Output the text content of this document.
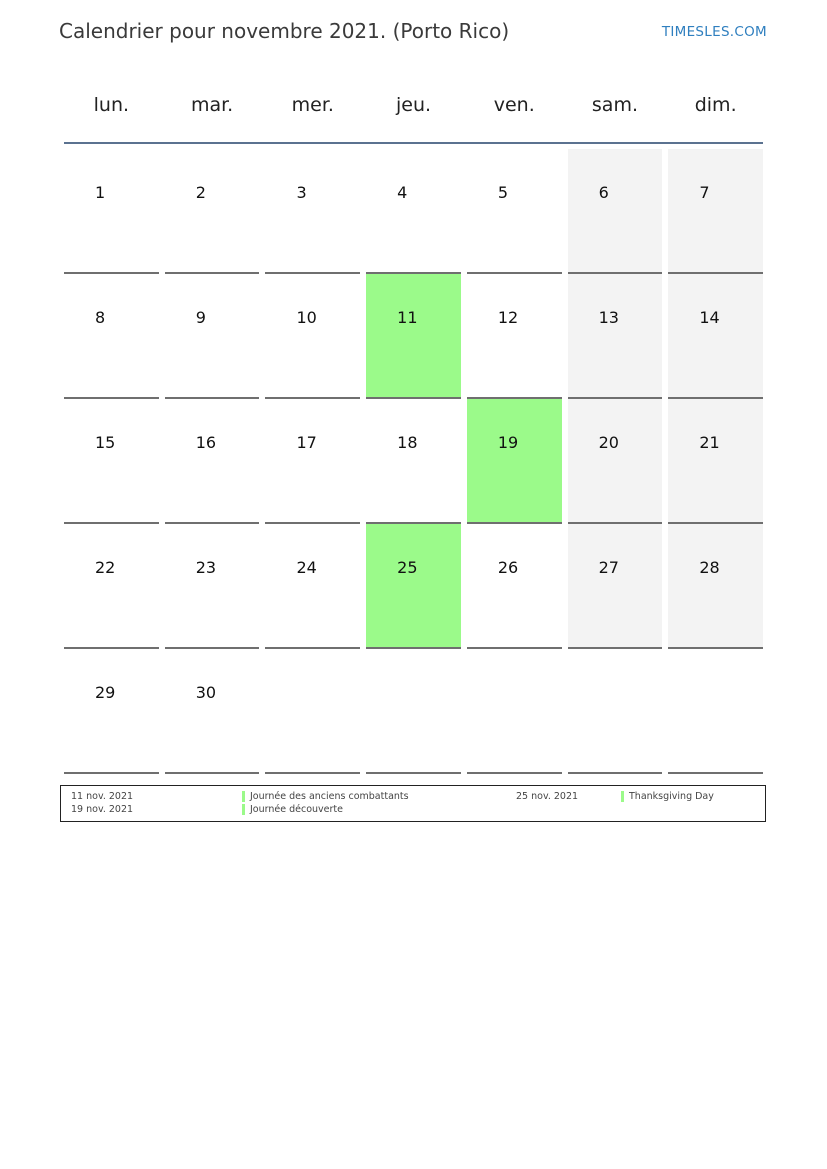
Calendrier pour novembre 2021. (Porto Rico)	TIMESLES.COM
lun.	mar.	mer.	jeu.	ven.	sam.	dim.
1	2	3	4	5	6	7
8	9	10	11	12	13	14
15	16	17	18	19	20	21
22	23	24	25	26	27	28
29	30
11 nov. 2021	Journée des anciens combattants
19 nov. 2021	Journée découverte
25 nov. 2021	Thanksgiving Day
